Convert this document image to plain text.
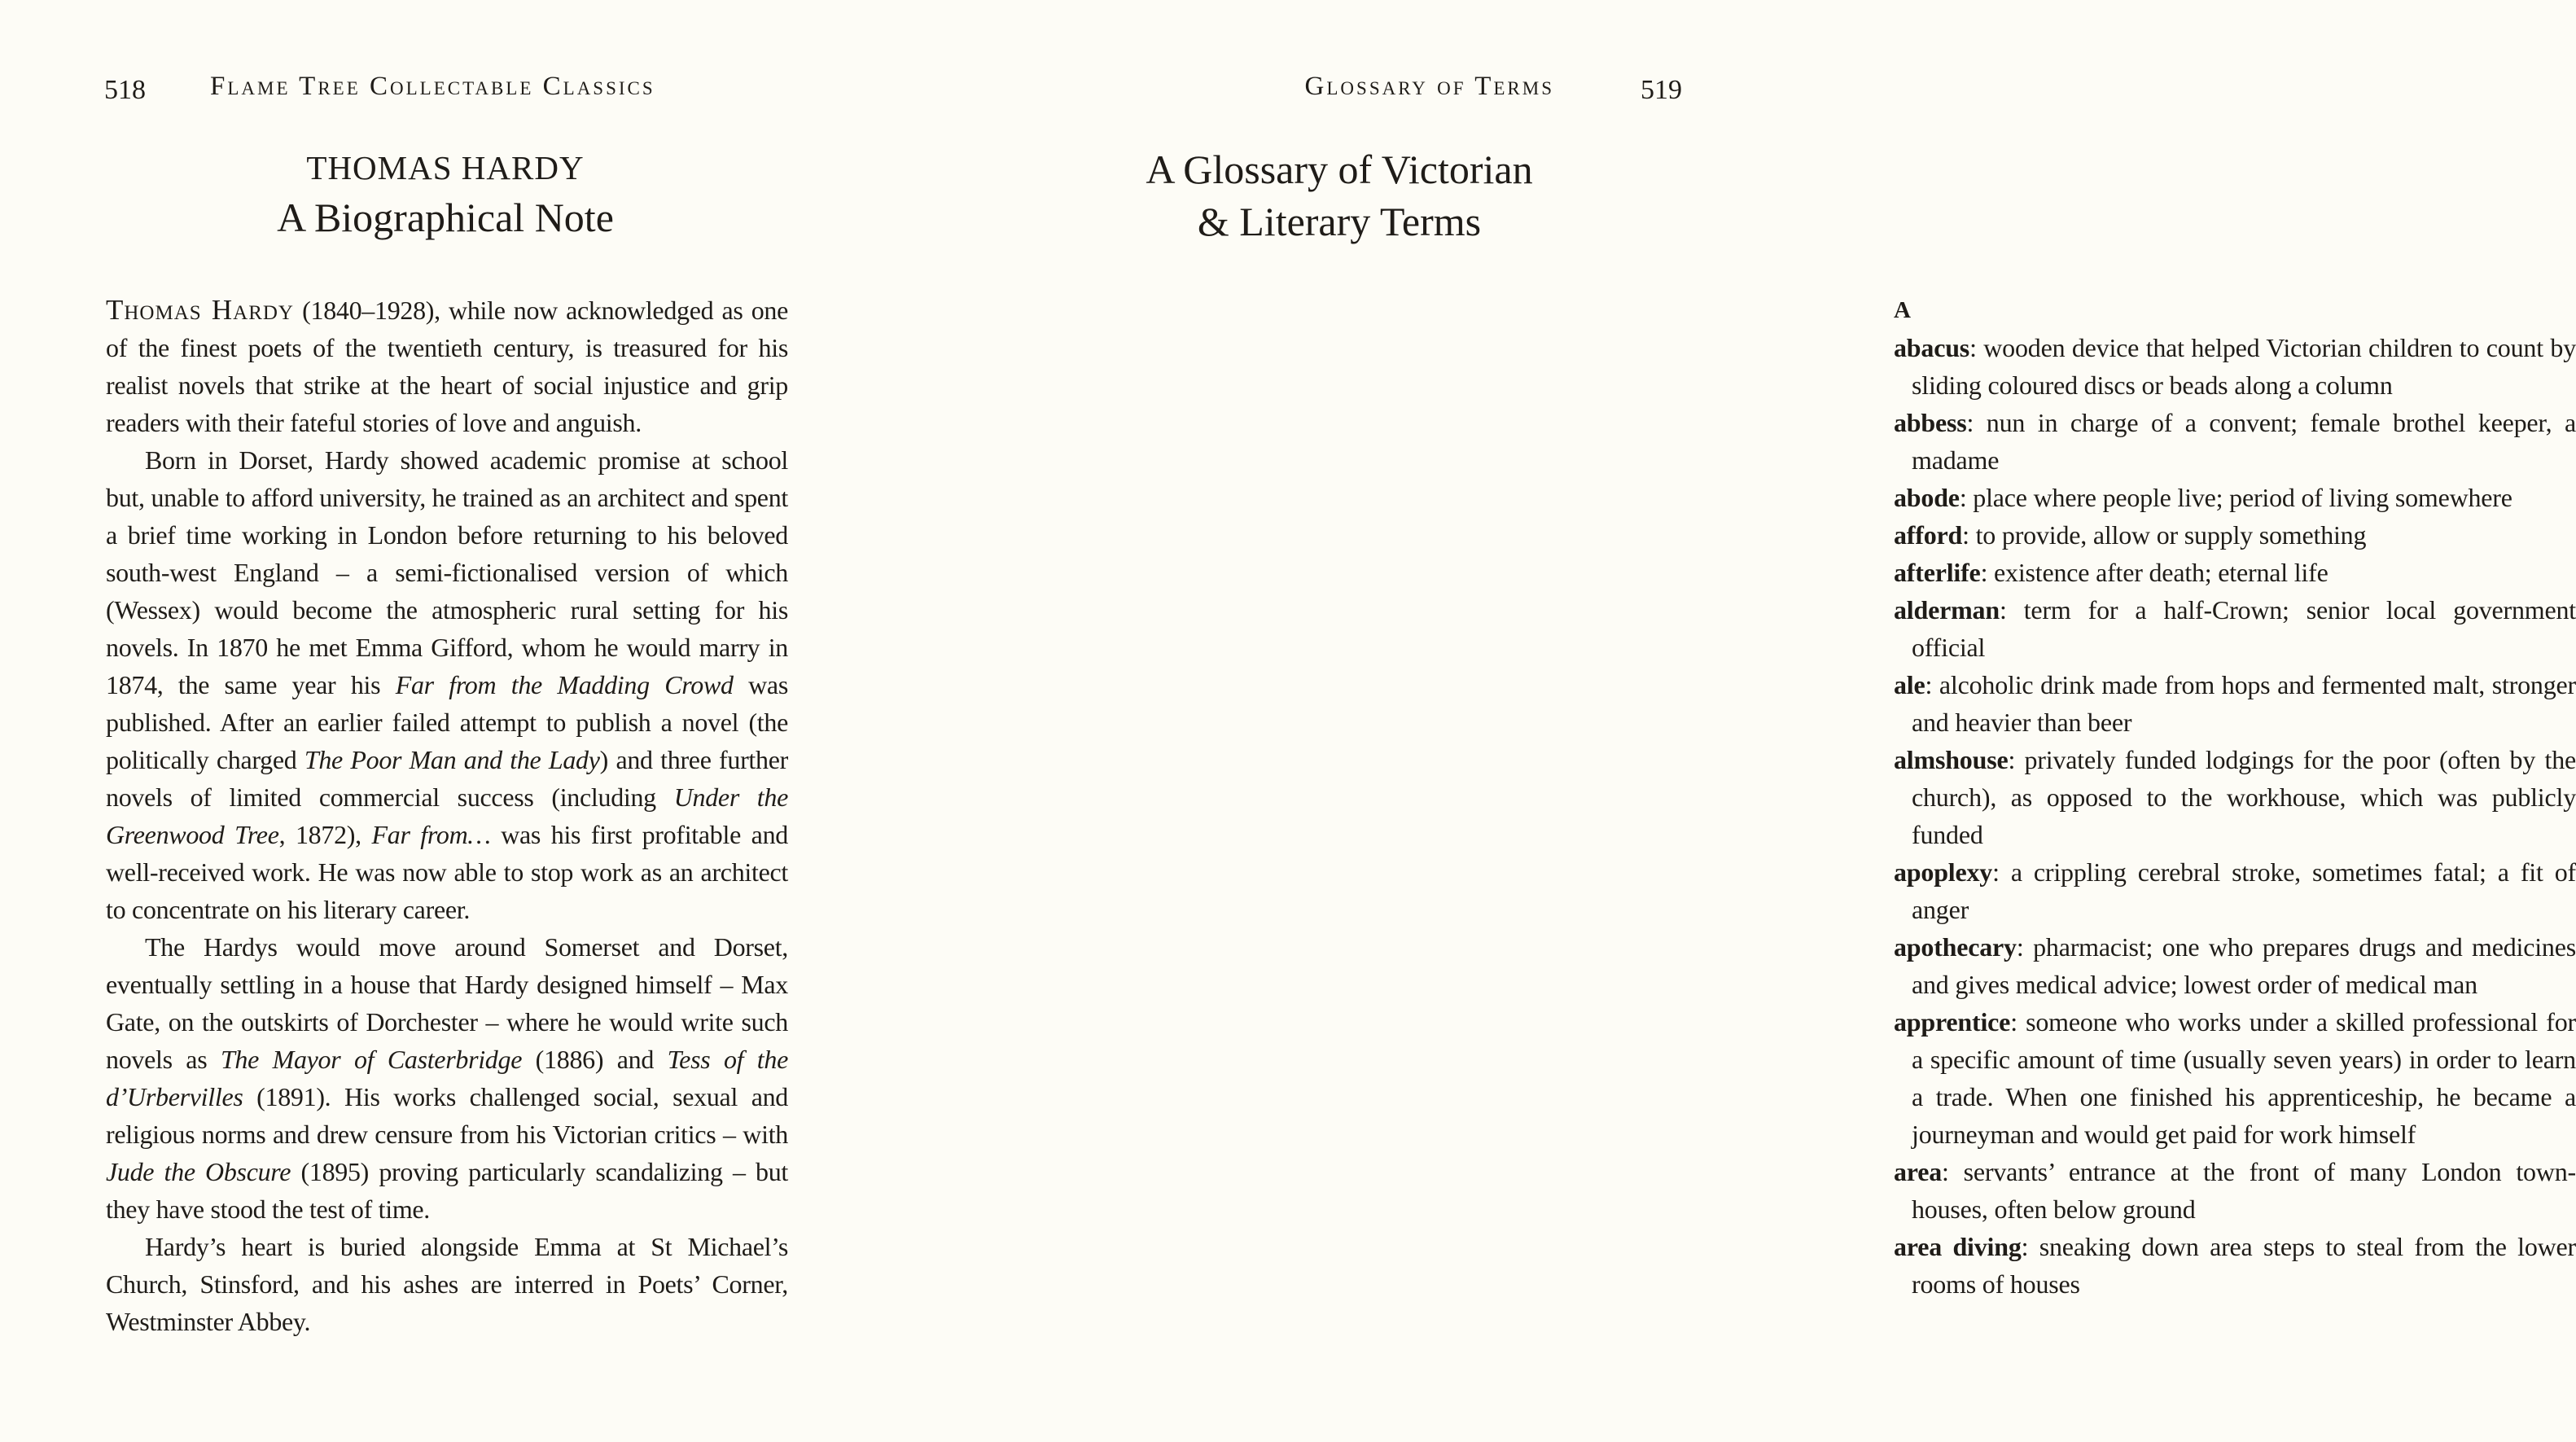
518 Flame Tree Collectable Classics
THOMAS HARDY
A Biographical Note

Thomas Hardy (1840–1928), while now acknowledged as one of the finest poets of the twentieth century, is treasured for his realist novels that strike at the heart of social injustice and grip readers with their fateful stories of love and anguish.

Born in Dorset, Hardy showed academic promise at school but, unable to afford university, he trained as an architect and spent a brief time working in London before returning to his beloved south-west England – a semi-fictionalised version of which (Wessex) would become the atmospheric rural setting for his novels. In 1870 he met Emma Gifford, whom he would marry in 1874, the same year his Far from the Madding Crowd was published. After an earlier failed attempt to publish a novel (the politically charged The Poor Man and the Lady) and three further novels of limited commercial success (including Under the Greenwood Tree, 1872), Far from… was his first profitable and well-received work. He was now able to stop work as an architect to concentrate on his literary career.

The Hardys would move around Somerset and Dorset, eventually settling in a house that Hardy designed himself – Max Gate, on the outskirts of Dorchester – where he would write such novels as The Mayor of Casterbridge (1886) and Tess of the d’Urbervilles (1891). His works challenged social, sexual and religious norms and drew censure from his Victorian critics – with Jude the Obscure (1895) proving particularly scandalizing – but they have stood the test of time.

Hardy’s heart is buried alongside Emma at St Michael’s Church, Stinsford, and his ashes are interred in Poets’ Corner, Westminster Abbey.

Glossary of Terms	519
A Glossary of Victorian
& Literary Terms
A
abacus: wooden device that helped Victorian children to count by sliding coloured discs or beads along a column
abbess: nun in charge of a convent; female brothel keeper, a madame
abode: place where people live; period of living somewhere
afford: to provide, allow or supply something
afterlife: existence after death; eternal life
alderman: term for a half-Crown; senior local government official
ale: alcoholic drink made from hops and fermented malt, stronger and heavier than beer
almshouse: privately funded lodgings for the poor (often by the church), as opposed to the workhouse, which was publicly funded
apoplexy: a crippling cerebral stroke, sometimes fatal; a fit of anger
apothecary: pharmacist; one who prepares drugs and medicines and gives medical advice; lowest order of medical man
apprentice: someone who works under a skilled professional for a specific amount of time (usually seven years) in order to learn a trade. When one finished his apprenticeship, he became a journeyman and would get paid for work himself
area: servants’ entrance at the front of many London town-houses, often below ground
area diving: sneaking down area steps to steal from the lower rooms of houses
